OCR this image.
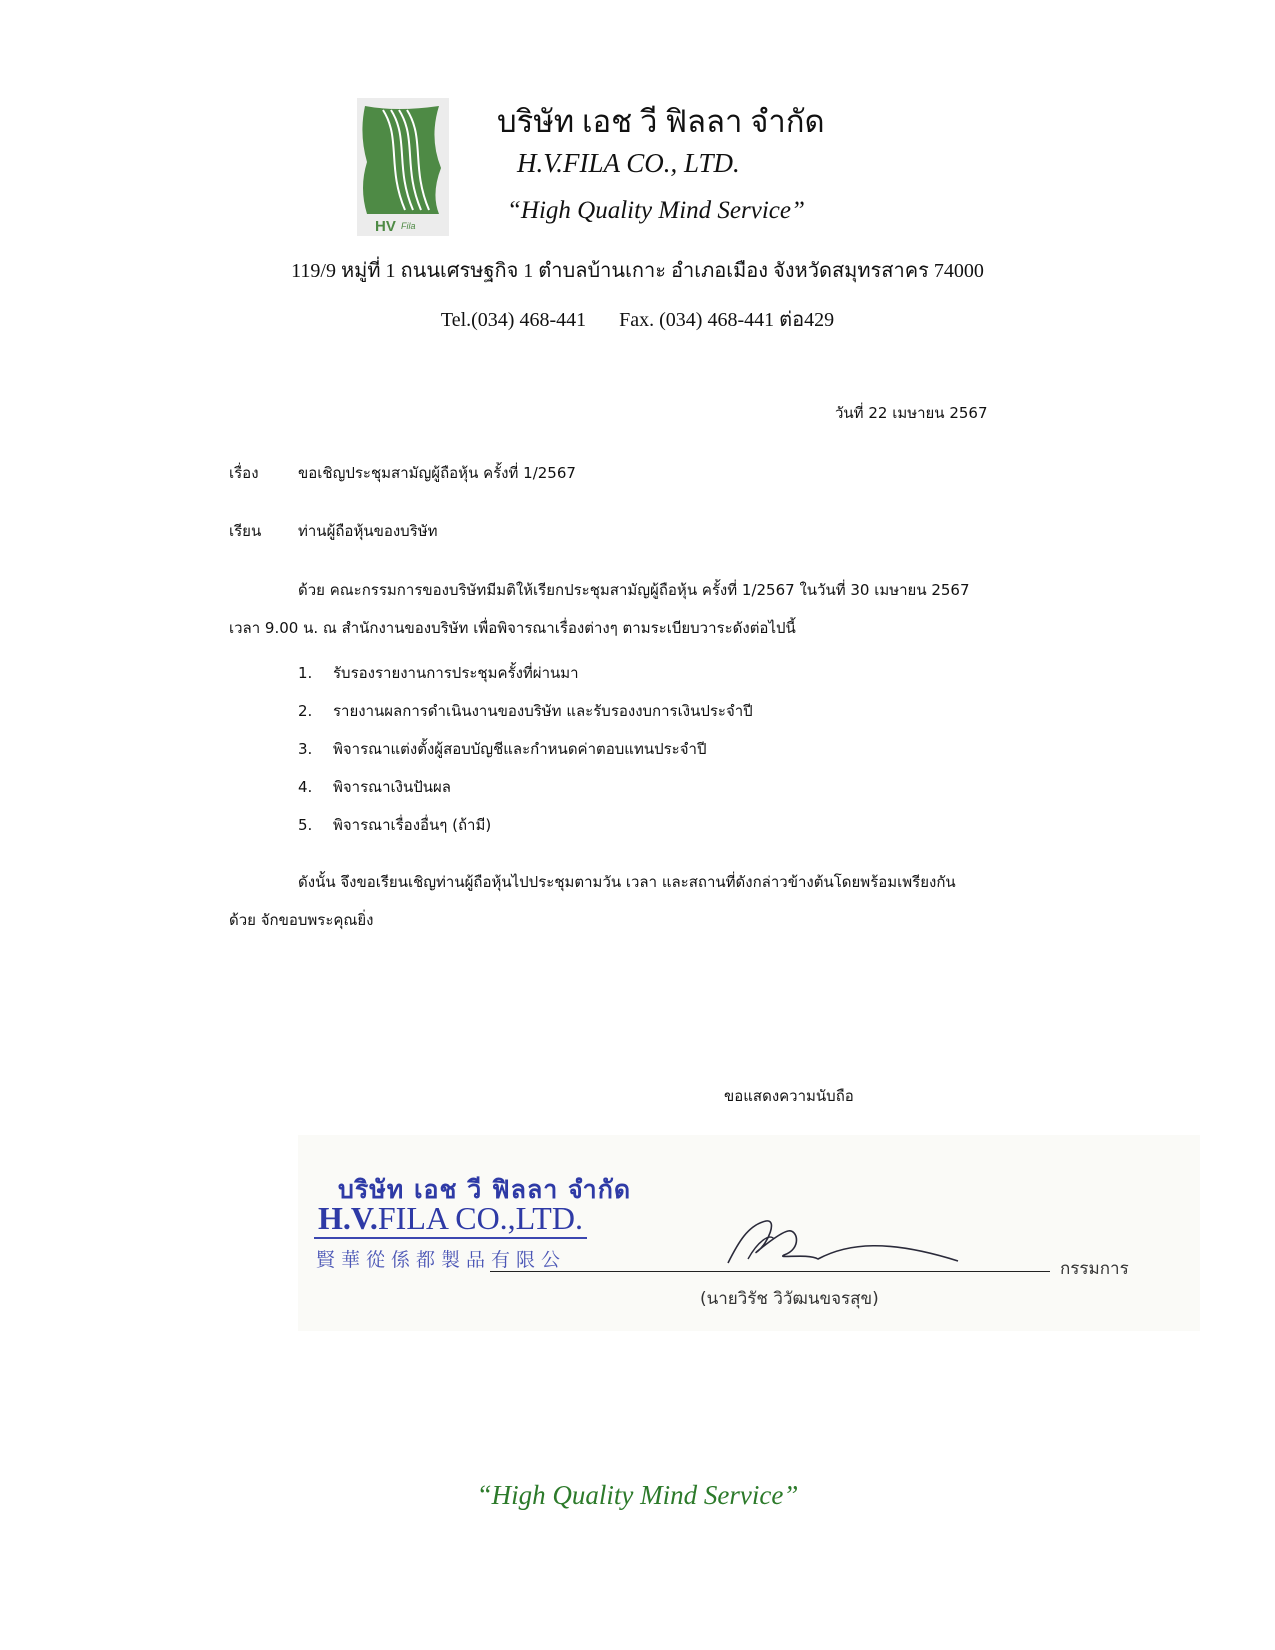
HV Fila
บริษัท เอช วี ฟิลลา จำกัด
H.V.FILA CO., LTD.
“High Quality Mind Service”
119/9 หมู่ที่ 1 ถนนเศรษฐกิจ 1 ตำบลบ้านเกาะ อำเภอเมือง จังหวัดสมุทรสาคร 74000
Tel.(034) 468-441 Fax. (034) 468-441 ต่อ429
วันที่ 22 เมษายน 2567
เรื่อง	ขอเชิญประชุมสามัญผู้ถือหุ้น ครั้งที่ 1/2567
เรียน ท่านผู้ถือหุ้นของบริษัท
ด้วย คณะกรรมการของบริษัทมีมติให้เรียกประชุมสามัญผู้ถือหุ้น ครั้งที่ 1/2567 ในวันที่ 30 เมษายน 2567
เวลา 9.00 น. ณ สำนักงานของบริษัท เพื่อพิจารณาเรื่องต่างๆ ตามระเบียบวาระดังต่อไปนี้
1. รับรองรายงานการประชุมครั้งที่ผ่านมา
2. รายงานผลการดำเนินงานของบริษัท และรับรองงบการเงินประจำปี
3. พิจารณาแต่งตั้งผู้สอบบัญชีและกำหนดค่าตอบแทนประจำปี
4. พิจารณาเงินปันผล
5. พิจารณาเรื่องอื่นๆ (ถ้ามี)
ดังนั้น จึงขอเรียนเชิญท่านผู้ถือหุ้นไปประชุมตามวัน เวลา และสถานที่ดังกล่าวข้างต้นโดยพร้อมเพรียงกัน
ด้วย จักขอบพระคุณยิ่ง
ขอแสดงความนับถือ
บริษัท เอช วี ฟิลลา จำกัด
H.V.FILA CO.,LTD.
賢華從係都製品有限公	กรรมการ
(นายวิรัช วิวัฒนขจรสุข)
“High Quality Mind Service”
